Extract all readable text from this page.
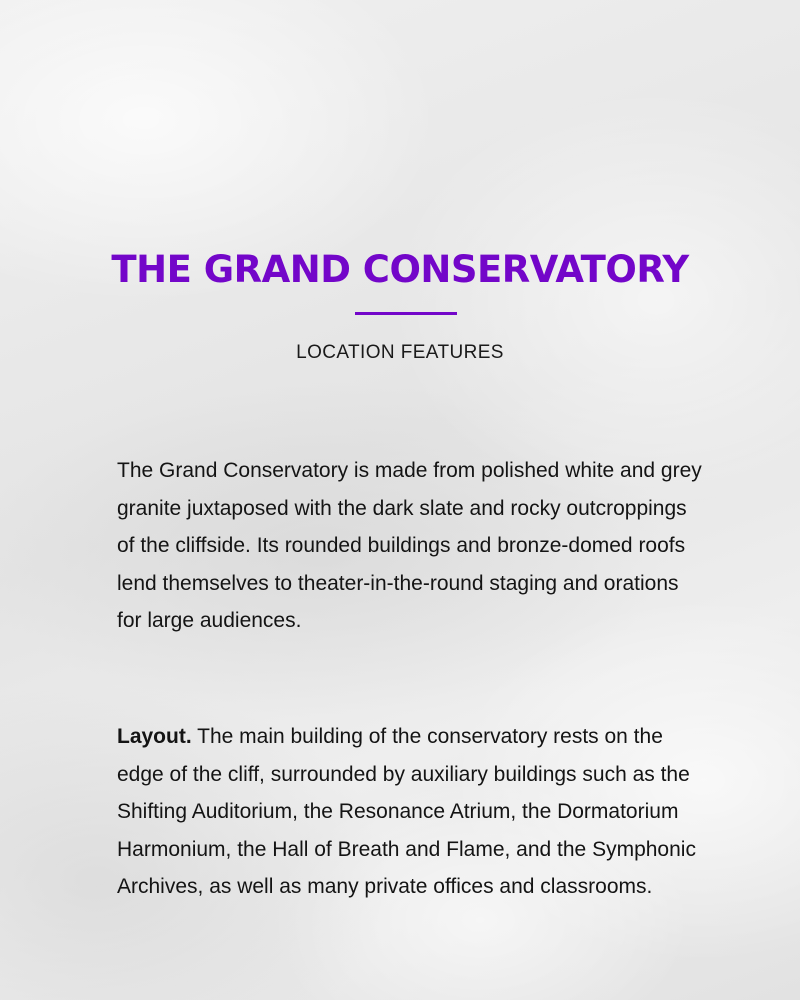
THE GRAND CONSERVATORY
LOCATION FEATURES

The Grand Conservatory is made from polished white and grey granite juxtaposed with the dark slate and rocky outcroppings of the cliffside. Its rounded buildings and bronze-domed roofs lend themselves to theater-in-the-round staging and orations for large audiences.

Layout. The main building of the conservatory rests on the edge of the cliff, surrounded by auxiliary buildings such as the Shifting Auditorium, the Resonance Atrium, the Dormatorium Harmonium, the Hall of Breath and Flame, and the Symphonic Archives, as well as many private offices and classrooms.
